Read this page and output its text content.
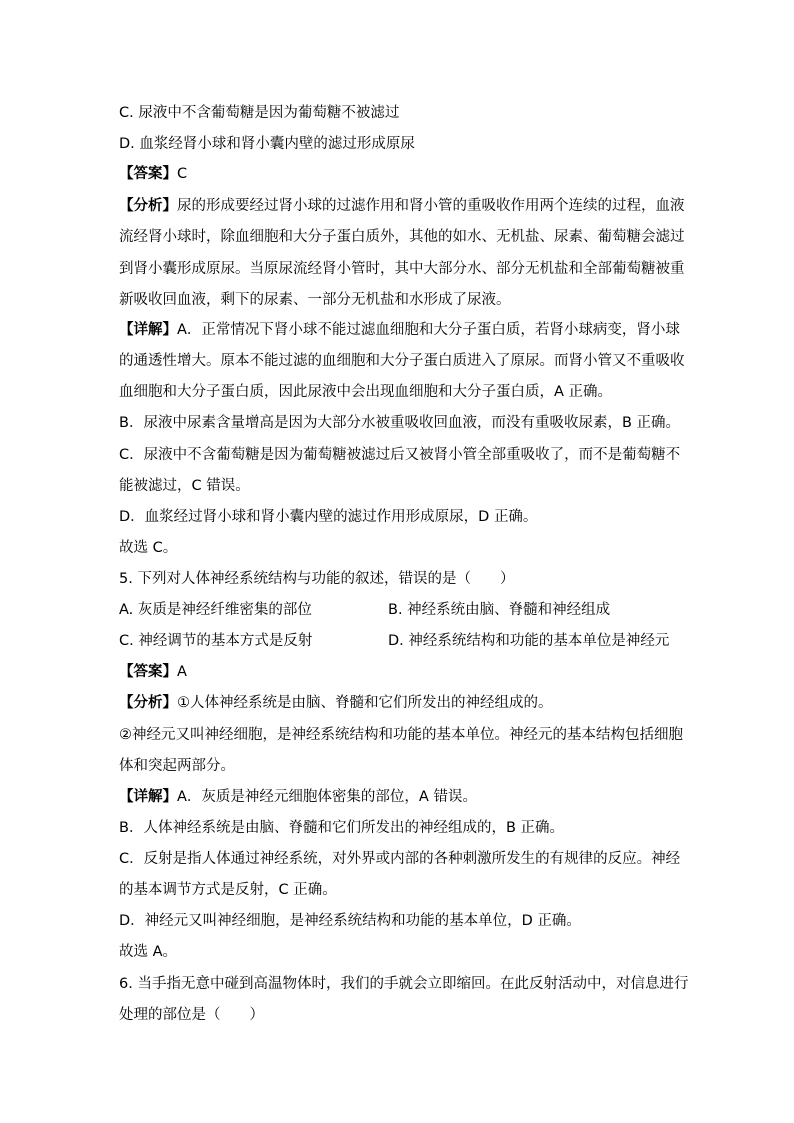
C. 尿液中不含葡萄糖是因为葡萄糖不被滤过
D. 血浆经肾小球和肾小囊内壁的滤过形成原尿
【答案】C
【分析】尿的形成要经过肾小球的过滤作用和肾小管的重吸收作用两个连续的过程，血液
流经肾小球时，除血细胞和大分子蛋白质外，其他的如水、无机盐、尿素、葡萄糖会滤过
到肾小囊形成原尿。当原尿流经肾小管时，其中大部分水、部分无机盐和全部葡萄糖被重
新吸收回血液，剩下的尿素、一部分无机盐和水形成了尿液。
【详解】A．正常情况下肾小球不能过滤血细胞和大分子蛋白质，若肾小球病变，肾小球
的通透性增大。原本不能过滤的血细胞和大分子蛋白质进入了原尿。而肾小管又不重吸收
血细胞和大分子蛋白质，因此尿液中会出现血细胞和大分子蛋白质，A 正确。
B．尿液中尿素含量增高是因为大部分水被重吸收回血液，而没有重吸收尿素，B 正确。
C．尿液中不含葡萄糖是因为葡萄糖被滤过后又被肾小管全部重吸收了，而不是葡萄糖不
能被滤过，C 错误。
D．血浆经过肾小球和肾小囊内壁的滤过作用形成原尿，D 正确。
故选 C。
5. 下列对人体神经系统结构与功能的叙述，错误的是（　　）
A. 灰质是神经纤维密集的部位	B. 神经系统由脑、脊髓和神经组成
C. 神经调节的基本方式是反射	D. 神经系统结构和功能的基本单位是神经元
【答案】A
【分析】①人体神经系统是由脑、脊髓和它们所发出的神经组成的。
②神经元又叫神经细胞，是神经系统结构和功能的基本单位。神经元的基本结构包括细胞
体和突起两部分。
【详解】A．灰质是神经元细胞体密集的部位，A 错误。
B．人体神经系统是由脑、脊髓和它们所发出的神经组成的，B 正确。
C．反射是指人体通过神经系统，对外界或内部的各种刺激所发生的有规律的反应。神经
的基本调节方式是反射，C 正确。
D．神经元又叫神经细胞，是神经系统结构和功能的基本单位，D 正确。
故选 A。
6. 当手指无意中碰到高温物体时，我们的手就会立即缩回。在此反射活动中，对信息进行
处理的部位是（　　）
